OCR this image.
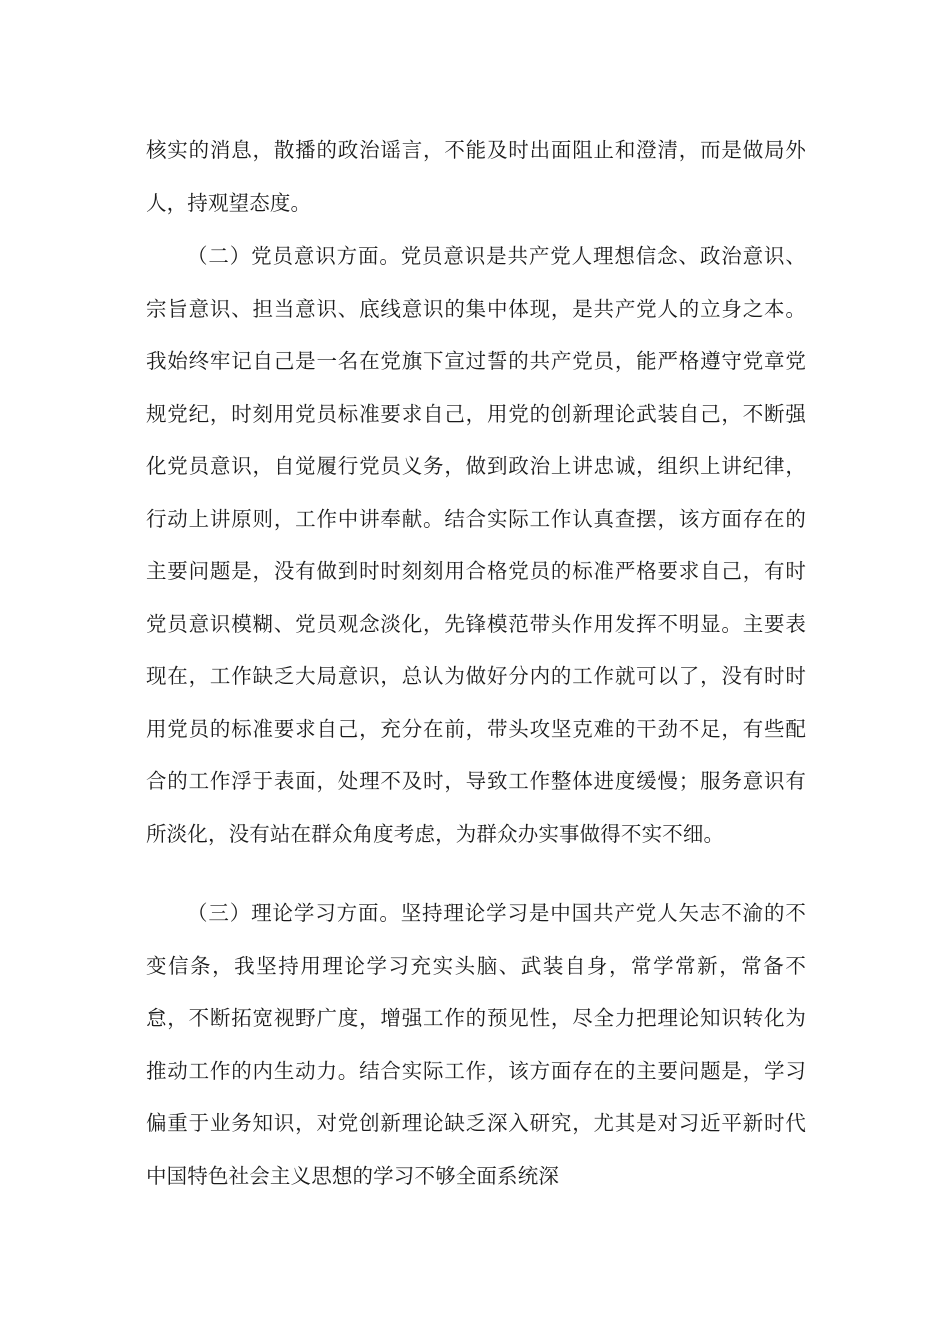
核实的消息，散播的政治谣言，不能及时出面阻止和澄清，而是做局外人，持观望态度。

（二）党员意识方面。党员意识是共产党人理想信念、政治意识、宗旨意识、担当意识、底线意识的集中体现，是共产党人的立身之本。我始终牢记自己是一名在党旗下宣过誓的共产党员，能严格遵守党章党规党纪，时刻用党员标准要求自己，用党的创新理论武装自己，不断强化党员意识，自觉履行党员义务，做到政治上讲忠诚，组织上讲纪律，行动上讲原则，工作中讲奉献。结合实际工作认真查摆，该方面存在的主要问题是，没有做到时时刻刻用合格党员的标准严格要求自己，有时党员意识模糊、党员观念淡化，先锋模范带头作用发挥不明显。主要表现在，工作缺乏大局意识，总认为做好分内的工作就可以了，没有时时用党员的标准要求自己，充分在前，带头攻坚克难的干劲不足，有些配合的工作浮于表面，处理不及时，导致工作整体进度缓慢；服务意识有所淡化，没有站在群众角度考虑，为群众办实事做得不实不细。

（三）理论学习方面。坚持理论学习是中国共产党人矢志不渝的不变信条，我坚持用理论学习充实头脑、武装自身，常学常新，常备不怠，不断拓宽视野广度，增强工作的预见性，尽全力把理论知识转化为推动工作的内生动力。结合实际工作，该方面存在的主要问题是，学习偏重于业务知识，对党创新理论缺乏深入研究，尤其是对习近平新时代中国特色社会主义思想的学习不够全面系统深
